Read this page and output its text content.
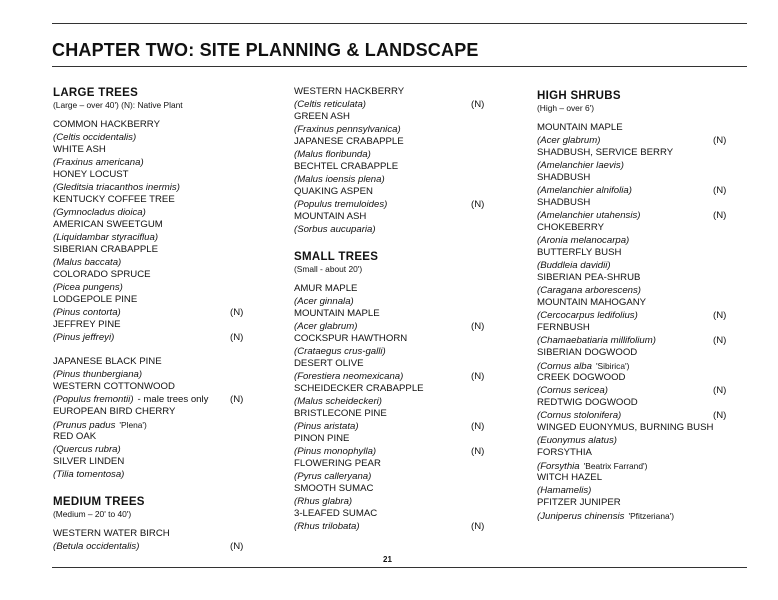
CHAPTER TWO: SITE PLANNING & LANDSCAPE
LARGE TREES
(Large – over 40') (N): Native Plant
COMMON HACKBERRY
(Celtis occidentalis)
WHITE ASH
(Fraxinus americana)
HONEY LOCUST
(Gleditsia triacanthos inermis)
KENTUCKY COFFEE TREE
(Gymnocladus dioica)
AMERICAN SWEETGUM
(Liquidambar styraciflua)
SIBERIAN CRABAPPLE
(Malus baccata)
COLORADO SPRUCE
(Picea pungens)
LODGEPOLE PINE
(Pinus contorta)	(N)
JEFFREY PINE
(Pinus jeffreyi)	(N)
JAPANESE BLACK PINE
(Pinus thunbergiana)
WESTERN COTTONWOOD
(Populus fremontii) - male trees only (N)
EUROPEAN BIRD CHERRY
(Prunus padus 'Plena')
RED OAK
(Quercus rubra)
SILVER LINDEN
(Tilia tomentosa)
MEDIUM TREES
(Medium – 20' to 40')
WESTERN WATER BIRCH
(Betula occidentalis)	(N)
WESTERN HACKBERRY
(Celtis reticulata)	(N)
GREEN ASH
(Fraxinus pennsylvanica)
JAPANESE CRABAPPLE
(Malus floribunda)
BECHTEL CRABAPPLE
(Malus ioensis plena)
QUAKING ASPEN
(Populus tremuloides)	(N)
MOUNTAIN ASH
(Sorbus aucuparia)
SMALL TREES
(Small - about 20')
AMUR MAPLE
(Acer ginnala)
MOUNTAIN MAPLE
(Acer glabrum)	(N)
COCKSPUR HAWTHORN
(Crataegus crus-galli)
DESERT OLIVE
(Forestiera neomexicana)	(N)
SCHEIDECKER CRABAPPLE
(Malus scheideckeri)
BRISTLECONE PINE
(Pinus aristata)	(N)
PINON PINE
(Pinus monophylla)	(N)
FLOWERING PEAR
(Pyrus calleryana)
SMOOTH SUMAC
(Rhus glabra)
3-LEAFED SUMAC
(Rhus trilobata)	(N)
HIGH SHRUBS
(High – over 6')
MOUNTAIN MAPLE
(Acer glabrum)	(N)
SHADBUSH, SERVICE BERRY
(Amelanchier laevis)
SHADBUSH
(Amelanchier alnifolia)	(N)
SHADBUSH
(Amelanchier utahensis)	(N)
CHOKEBERRY
(Aronia melanocarpa)
BUTTERFLY BUSH
(Buddleia davidii)
SIBERIAN PEA-SHRUB
(Caragana arborescens)
MOUNTAIN MAHOGANY
(Cercocarpus ledifolius)	(N)
FERNBUSH
(Chamaebatiaria millifolium)	(N)
SIBERIAN DOGWOOD
(Cornus alba 'Sibirica')
CREEK DOGWOOD
(Cornus sericea)	(N)
REDTWIG DOGWOOD
(Cornus stolonifera)	(N)
WINGED EUONYMUS, BURNING BUSH
(Euonymus alatus)
FORSYTHIA
(Forsythia 'Beatrix Farrand')
WITCH HAZEL
(Hamamelis)
PFITZER JUNIPER
(Juniperus chinensis 'Pfitzeriana')
21
